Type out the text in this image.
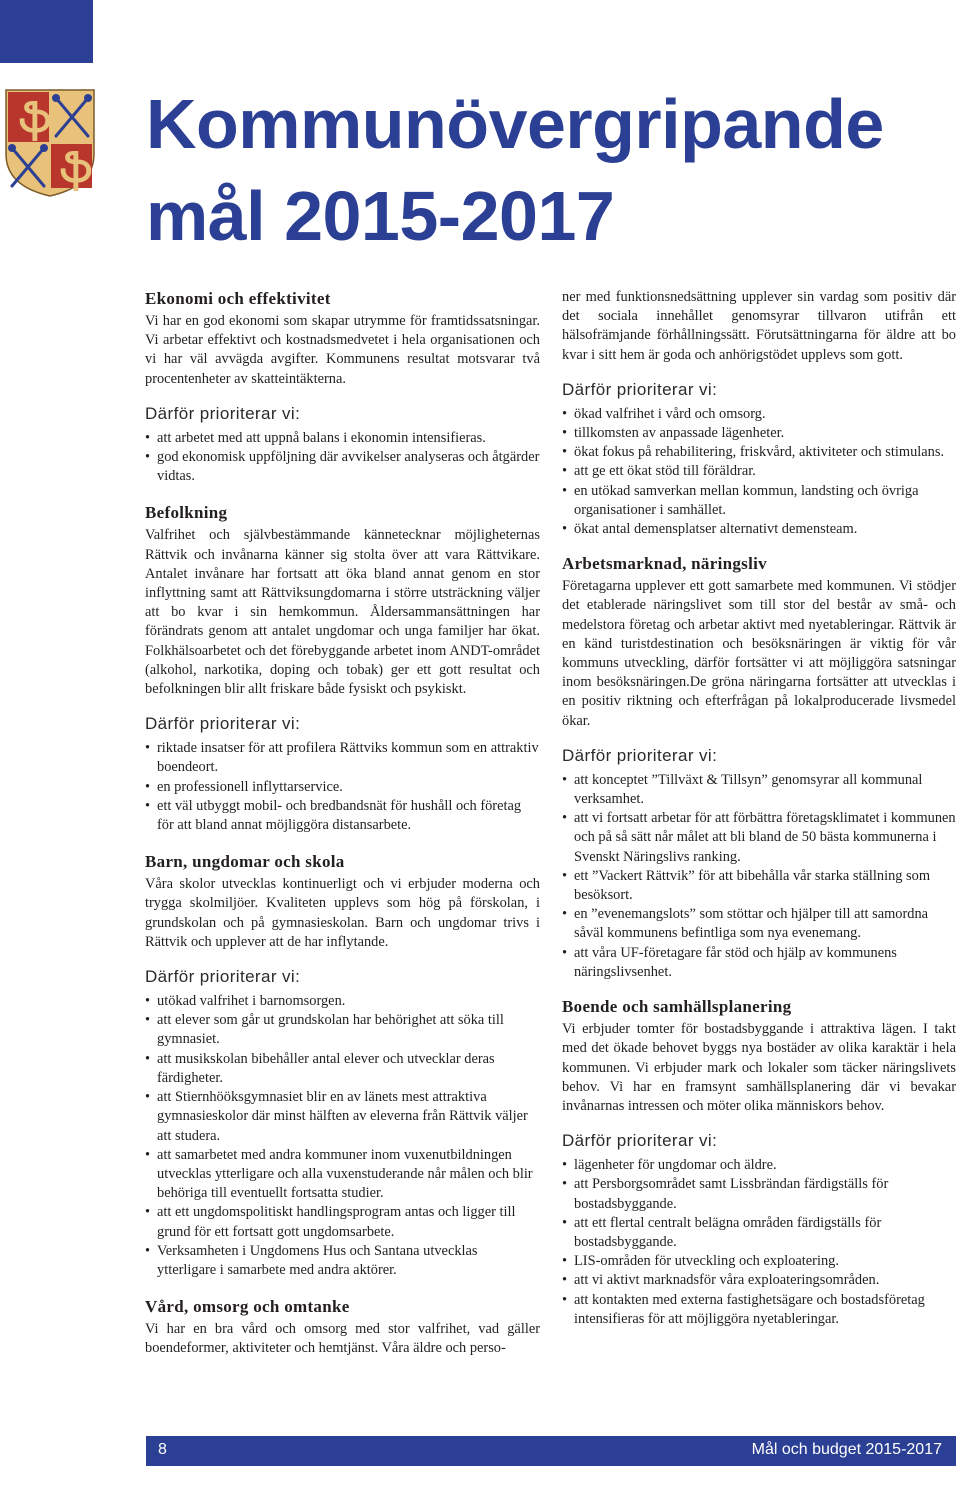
ֆ
ֆ
Kommunövergripande
mål 2015-2017
Ekonomi och effektivitet

Vi har en god ekonomi som skapar utrymme för framtidssatsningar. Vi arbetar effektivt och kostnadsmedvetet i hela organisationen och vi har väl avvägda avgifter. Kommunens resultat motsvarar två procentenheter av skatteintäkterna.

Därför prioriterar vi:
• att arbetet med att uppnå balans i ekonomin intensifieras.
• god ekonomisk uppföljning där avvikelser analyseras och åtgärder vidtas.
Befolkning

Valfrihet och självbestämmande kännetecknar möjligheternas Rättvik och invånarna känner sig stolta över att vara Rättvikare. Antalet invånare har fortsatt att öka bland annat genom en stor inflyttning samt att Rättviksungdomarna i större utsträckning väljer att bo kvar i sin hemkommun. Åldersammansättningen har förändrats genom att antalet ungdomar och unga familjer har ökat. Folkhälsoarbetet och det förebyggande arbetet inom ANDT-området (alkohol, narkotika, doping och tobak) ger ett gott resultat och befolkningen blir allt friskare både fysiskt och psykiskt.

Därför prioriterar vi:
• riktade insatser för att profilera Rättviks kommun som en attraktiv boendeort.
• en professionell inflyttarservice.
• ett väl utbyggt mobil- och bredbandsnät för hushåll och företag för att bland annat möjliggöra distansarbete.
Barn, ungdomar och skola

Våra skolor utvecklas kontinuerligt och vi erbjuder moderna och trygga skolmiljöer. Kvaliteten upplevs som hög på förskolan, i grundskolan och på gymnasieskolan. Barn och ungdomar trivs i Rättvik och upplever att de har inflytande.

Därför prioriterar vi:
• utökad valfrihet i barnomsorgen.
• att elever som går ut grundskolan har behörighet att söka till gymnasiet.
• att musikskolan bibehåller antal elever och utvecklar deras färdigheter.
• att Stiernhööksgymnasiet blir en av länets mest attraktiva gymnasieskolor där minst hälften av eleverna från Rättvik väljer att studera.
• att samarbetet med andra kommuner inom vuxenutbildningen utvecklas ytterligare och alla vuxenstuderande når målen och blir behöriga till eventuellt fortsatta studier.
• att ett ungdomspolitiskt handlingsprogram antas och ligger till grund för ett fortsatt gott ungdomsarbete.
• Verksamheten i Ungdomens Hus och Santana utvecklas ytterligare i samarbete med andra aktörer.
Vård, omsorg och omtanke

Vi har en bra vård och omsorg med stor valfrihet, vad gäller boendeformer, aktiviteter och hemtjänst. Våra äldre och perso-

ner med funktionsnedsättning upplever sin vardag som positiv där det sociala innehållet genomsyrar tillvaron utifrån ett hälsofrämjande förhållningssätt. Förutsättningarna för äldre att bo kvar i sitt hem är goda och anhörigstödet upplevs som gott.

Därför prioriterar vi:
• ökad valfrihet i vård och omsorg.
• tillkomsten av anpassade lägenheter.
• ökat fokus på rehabilitering, friskvård, aktiviteter och stimulans.
• att ge ett ökat stöd till föräldrar.
• en utökad samverkan mellan kommun, landsting och övriga organisationer i samhället.
• ökat antal demensplatser alternativt demensteam.
Arbetsmarknad, näringsliv

Företagarna upplever ett gott samarbete med kommunen. Vi stödjer det etablerade näringslivet som till stor del består av små- och medelstora företag och arbetar aktivt med nyetableringar. Rättvik är en känd turistdestination och besöksnäringen är viktig för vår kommuns utveckling, därför fortsätter vi att möjliggöra satsningar inom besöksnäringen.De gröna näringarna fortsätter att utvecklas i en positiv riktning och efterfrågan på lokalproducerade livsmedel ökar.

Därför prioriterar vi:
• att konceptet ”Tillväxt & Tillsyn” genomsyrar all kommunal verksamhet.
• att vi fortsatt arbetar för att förbättra företagsklimatet i kommunen och på så sätt når målet att bli bland de 50 bästa kommunerna i Svenskt Näringslivs ranking.
• ett ”Vackert Rättvik” för att bibehålla vår starka ställning som besöksort.
• en ”evenemangslots” som stöttar och hjälper till att samordna såväl kommunens befintliga som nya evenemang.
• att våra UF-företagare får stöd och hjälp av kommunens näringslivsenhet.
Boende och samhällsplanering

Vi erbjuder tomter för bostadsbyggande i attraktiva lägen. I takt med det ökade behovet byggs nya bostäder av olika karaktär i hela kommunen. Vi erbjuder mark och lokaler som täcker näringslivets behov. Vi har en framsynt samhällsplanering där vi bevakar invånarnas intressen och möter olika människors behov.

Därför prioriterar vi:
• lägenheter för ungdomar och äldre.
• att Persborgsområdet samt Lissbrändan färdigställs för bostadsbyggande.
• att ett flertal centralt belägna områden färdigställs för bostadsbyggande.
• LIS-områden för utveckling och exploatering.
• att vi aktivt marknadsför våra exploateringsområden.
• att kontakten med externa fastighetsägare och bostadsföretag intensifieras för att möjliggöra nyetableringar.
8	Mål och budget 2015-2017
